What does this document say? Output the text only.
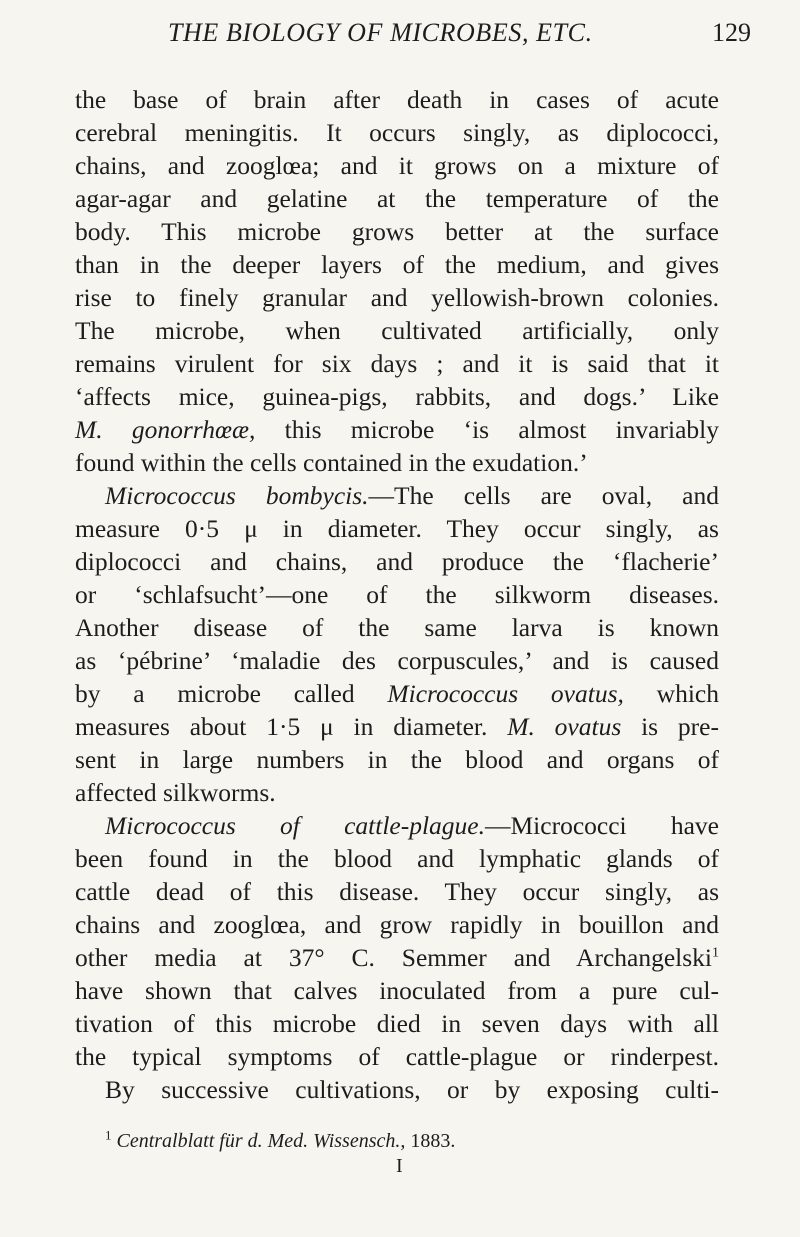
THE BIOLOGY OF MICROBES, ETC.	129
the base of brain after death in cases of acute
cerebral meningitis. It occurs singly, as diplococci,
chains, and zooglœa; and it grows on a mixture of
agar-agar and gelatine at the temperature of the
body. This microbe grows better at the surface
than in the deeper layers of the medium, and gives
rise to finely granular and yellowish-brown colonies.
The microbe, when cultivated artificially, only
remains virulent for six days ; and it is said that it
‘affects mice, guinea-pigs, rabbits, and dogs.’ Like
M. gonorrhœæ, this microbe ‘is almost invariably
found within the cells contained in the exudation.’
Micrococcus bombycis.—The cells are oval, and
measure 0·5 μ in diameter. They occur singly, as
diplococci and chains, and produce the ‘flacherie’
or ‘schlafsucht’—one of the silkworm diseases.
Another disease of the same larva is known
as ‘pébrine’ ‘maladie des corpuscules,’ and is caused
by a microbe called Micrococcus ovatus, which
measures about 1·5 μ in diameter. M. ovatus is pre-
sent in large numbers in the blood and organs of
affected silkworms.
Micrococcus of cattle-plague.—Micrococci have
been found in the blood and lymphatic glands of
cattle dead of this disease. They occur singly, as
chains and zooglœa, and grow rapidly in bouillon and
other media at 37° C. Semmer and Archangelski$^1$
have shown that calves inoculated from a pure cul-
tivation of this microbe died in seven days with all
the typical symptoms of cattle-plague or rinderpest.
By successive cultivations, or by exposing culti-
$^1$ Centralblatt für d. Med. Wissensch., 1883.
I
